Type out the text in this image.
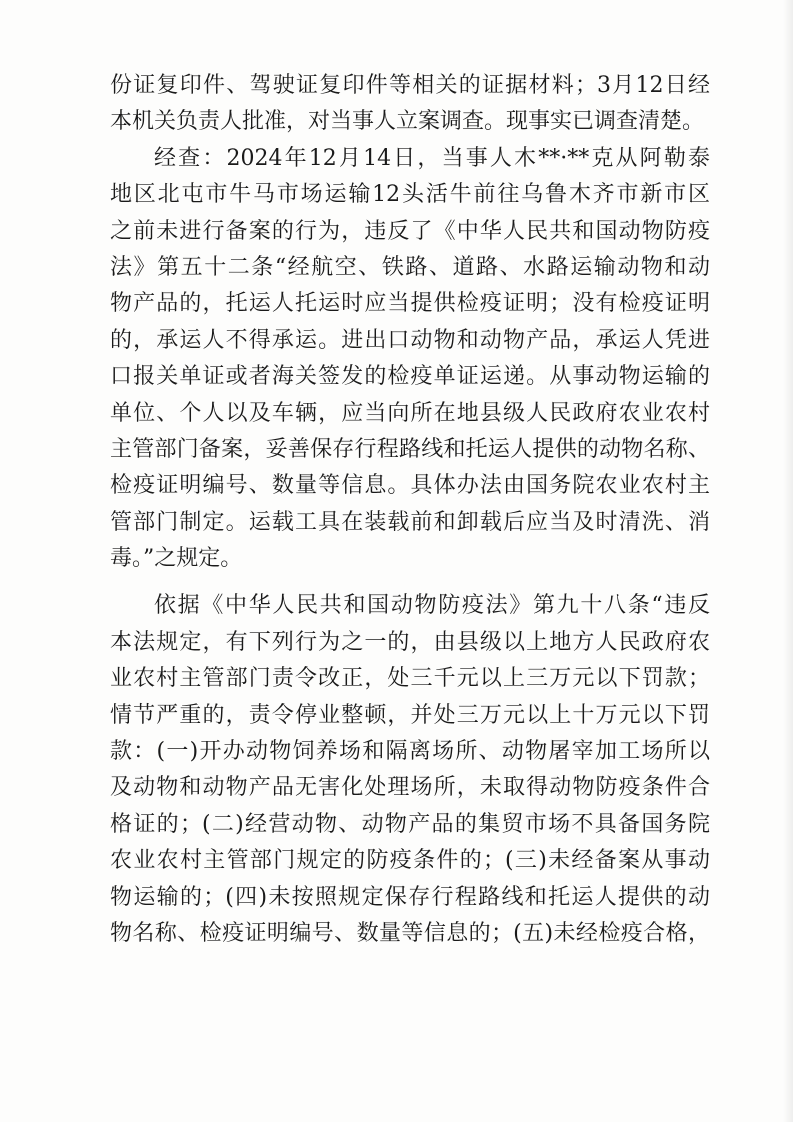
份证复印件、驾驶证复印件等相关的证据材料；3月12日经
本机关负责人批准，对当事人立案调查。现事实已调查清楚。
经查：2024年12月14日，当事人木**·**克从阿勒泰
地区北屯市牛马市场运输12头活牛前往乌鲁木齐市新市区
之前未进行备案的行为，违反了《中华人民共和国动物防疫
法》第五十二条“经航空、铁路、道路、水路运输动物和动
物产品的，托运人托运时应当提供检疫证明；没有检疫证明
的，承运人不得承运。进出口动物和动物产品，承运人凭进
口报关单证或者海关签发的检疫单证运递。从事动物运输的
单位、个人以及车辆，应当向所在地县级人民政府农业农村
主管部门备案，妥善保存行程路线和托运人提供的动物名称、
检疫证明编号、数量等信息。具体办法由国务院农业农村主
管部门制定。运载工具在装载前和卸载后应当及时清洗、消
毒。”之规定。
依据《中华人民共和国动物防疫法》第九十八条“违反
本法规定，有下列行为之一的，由县级以上地方人民政府农
业农村主管部门责令改正，处三千元以上三万元以下罚款；
情节严重的，责令停业整顿，并处三万元以上十万元以下罚
款：(一)开办动物饲养场和隔离场所、动物屠宰加工场所以
及动物和动物产品无害化处理场所，未取得动物防疫条件合
格证的；(二)经营动物、动物产品的集贸市场不具备国务院
农业农村主管部门规定的防疫条件的；(三)未经备案从事动
物运输的；(四)未按照规定保存行程路线和托运人提供的动
物名称、检疫证明编号、数量等信息的；(五)未经检疫合格，
